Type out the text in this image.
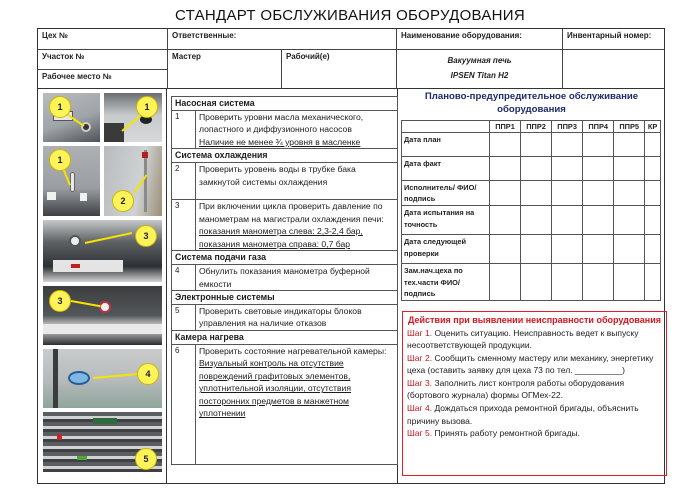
СТАНДАРТ ОБСЛУЖИВАНИЯ ОБОРУДОВАНИЯ
Цех №
Участок №
Рабочее место №
Ответственные:
Мастер	Рабочий(е)
Наименование оборудования:
Вакуумная печь
IPSEN Titan H2
Инвентарный номер:
1	1
1
2
3
3
4
5
Насосная система	
1	Проверить уровни масла механического, лопастного и диффузионного насосов
Наличие не менее ¾ уровня в масленке

Система охлаждения	
2	Проверить уровень воды в трубке бака замкнутой системы охлаждения

3	При включении цикла проверить давление по манометрам на магистрали охлаждения печи:
показания манометра слева: 2,3-2,4 бар,
показания манометра справа: 0,7 бар

Система подачи газа	
4	Обнулить показания манометра буферной емкости

Электронные системы	
5	Проверить световые индикаторы блоков управления на наличие отказов

Камера нагрева	
6	Проверить состояние нагревательной камеры:
Визуальный контроль на отсутствие повреждений графитовых элементов, уплотнительной изоляции, отсутствия посторонних предметов в манжетном уплотнении
Планово-предупредительное обслуживание оборудования
	ППР1	ППР2	ППР3	ППР4	ППР5	КР
Дата план						
Дата факт						
Исполнитель/ ФИО/ подпись						
Дата испытания на точность						
Дата следующей проверки						
Зам.нач.цеха по тех.части ФИО/ подпись						
Действия при выявлении неисправности оборудования

Шаг 1. Оценить ситуацию. Неисправность ведет к выпуску несоответствующей продукции.

Шаг 2. Сообщить сменному мастеру или механику, энергетику цеха (оставить заявку для цеха 73 по тел. __________)

Шаг 3. Заполнить лист контроля работы оборудования (бортового журнала) формы ОГМех-22.

Шаг 4. Дождаться прихода ремонтной бригады, объяснить причину вызова.

Шаг 5. Принять работу ремонтной бригады.
